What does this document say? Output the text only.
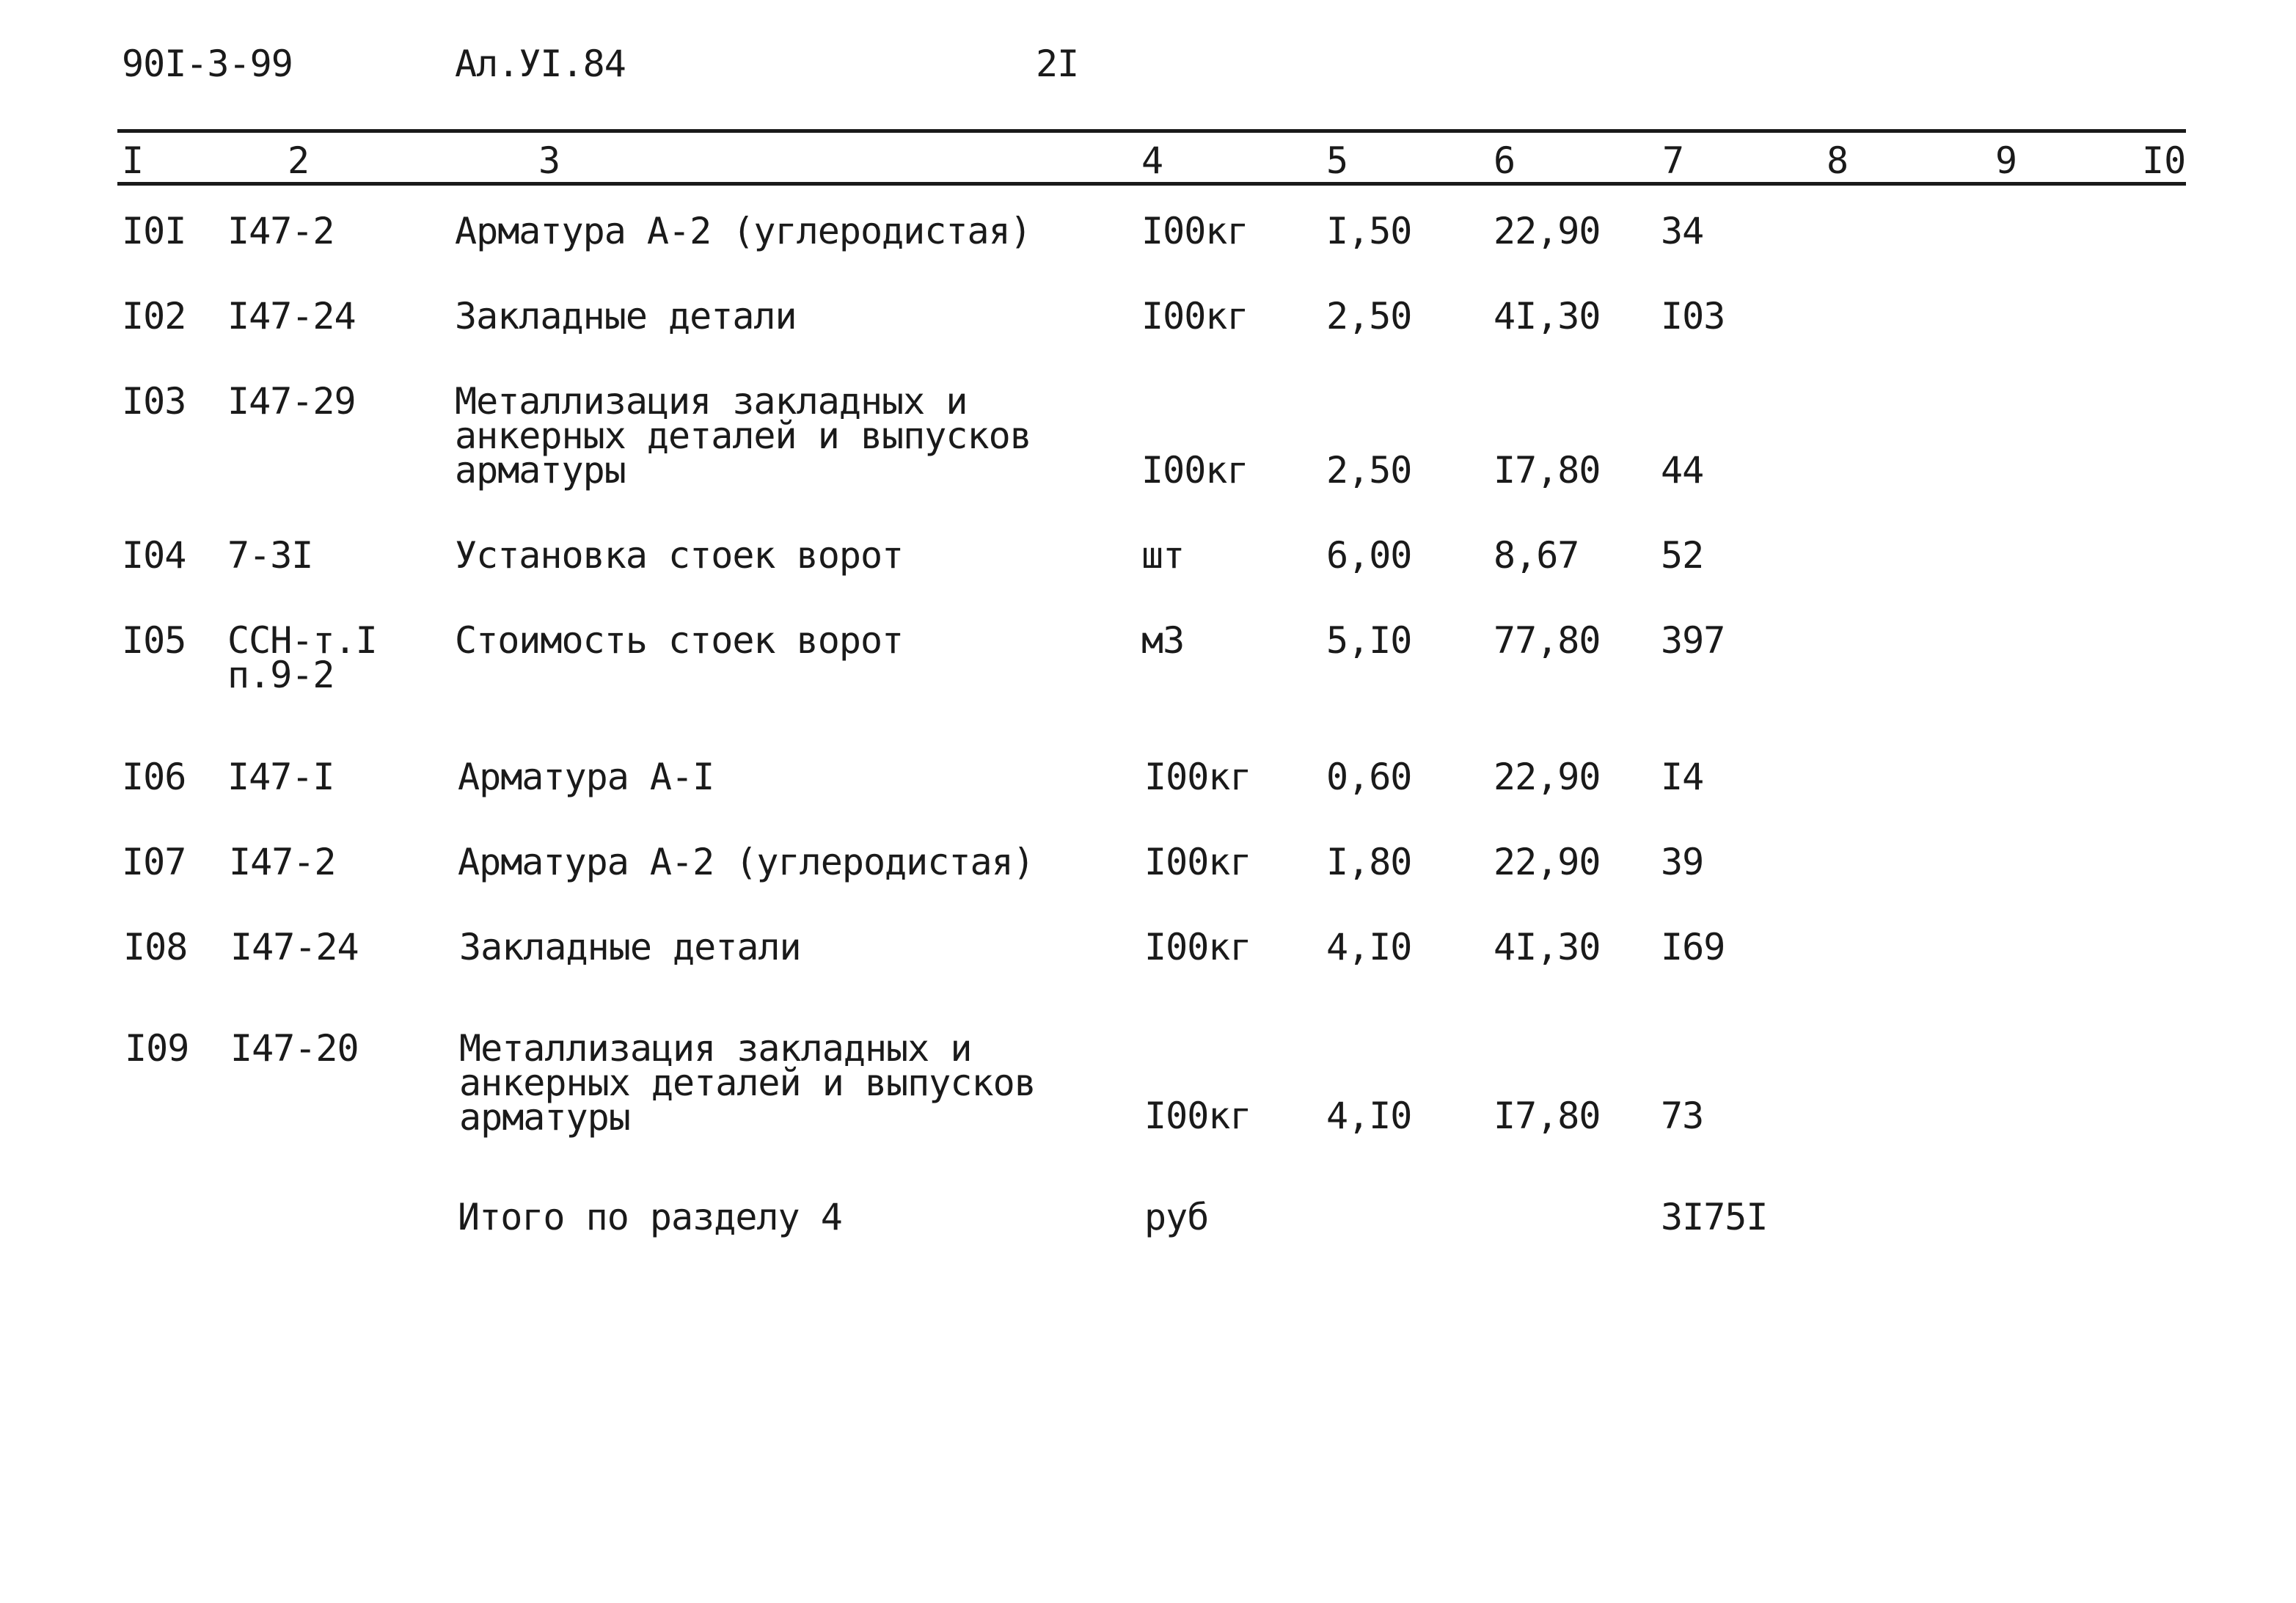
90I-3-99	Ал.УI.84	2I
I	2	3	4	5	6	7	8	9	I0
I0I I47-2	Арматура А-2 (углеродистая)	I00кг I,50 22,90 34
I02 I47-24	Закладные детали	I00кг 2,50 4I,30 I03
I03 I47-29	Металлизация закладных и
анкерных деталей и выпусков
арматуры	I00кг 2,50 I7,80 44
I04 7-3I	Установка стоек ворот	шт	6,00 8,67 52
I05 ССН-т.I
п.9-2
Стоимость стоек ворот	м3	5,I0 77,80 397
I06 I47-I	Арматура А-I	I00кг 0,60 22,90 I4
I07 I47-2	Арматура А-2 (углеродистая)	I00кг I,80 22,90 39
I08 I47-24	Закладные детали	I00кг 4,I0 4I,30 I69
I09 I47-20	Металлизация закладных и
анкерных деталей и выпусков
арматуры	I00кг 4,I0 I7,80 73
Итого по разделу 4	руб	3I75I
